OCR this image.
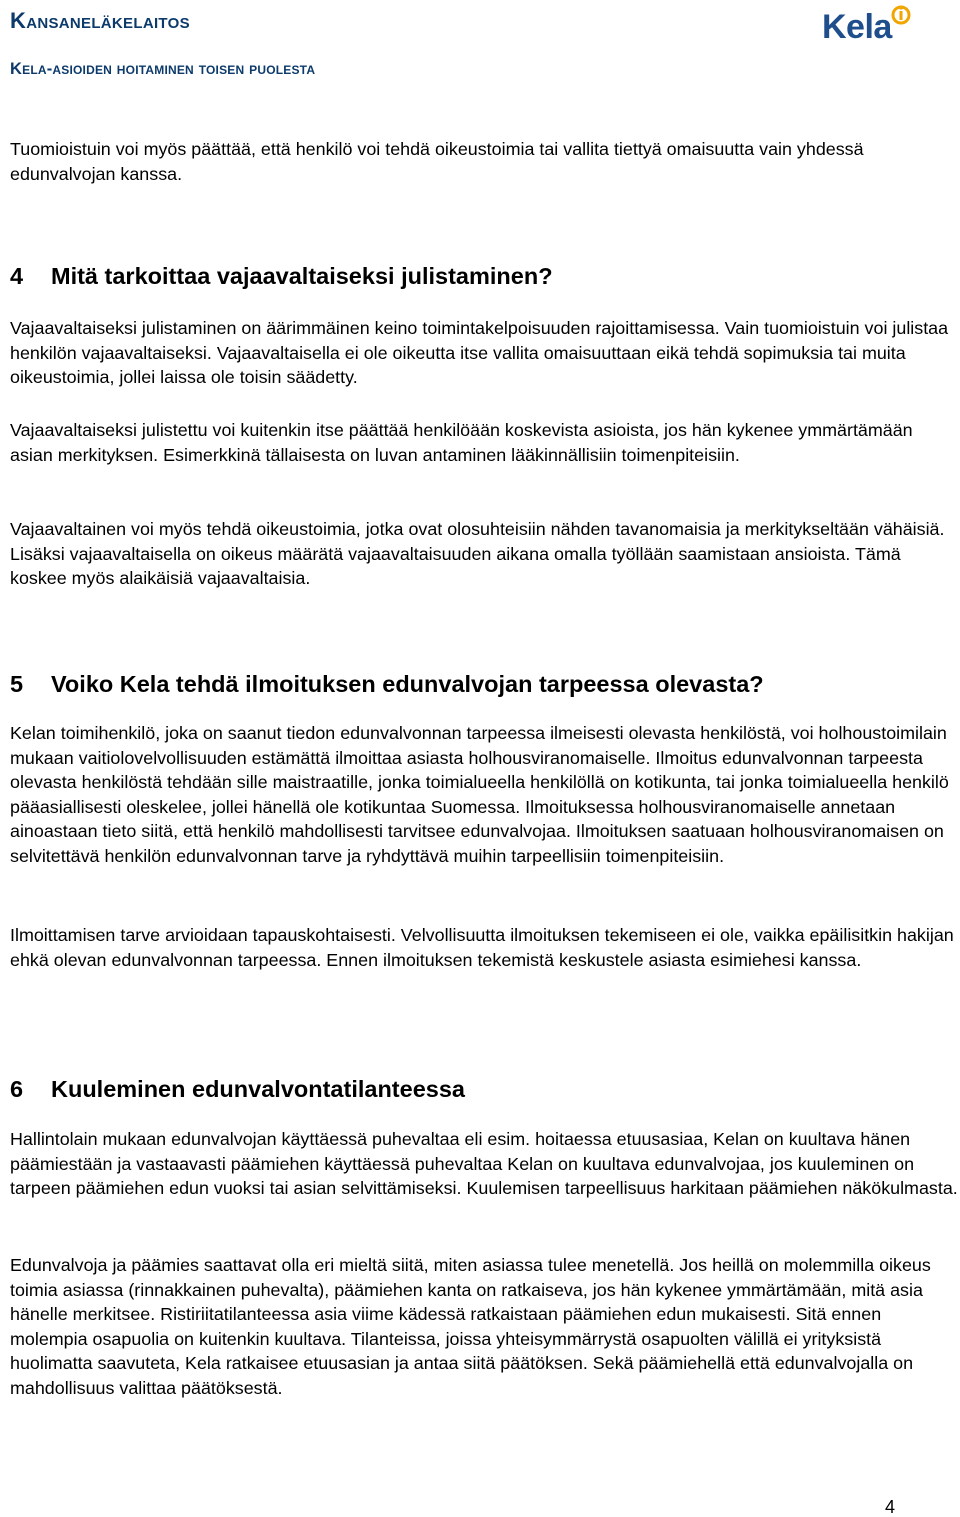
Kansaneläkelaitos
Kela-asioiden hoitaminen toisen puolesta
Kela

Tuomioistuin voi myös päättää, että henkilö voi tehdä oikeustoimia tai vallita tiettyä omaisuutta vain yhdessä edunvalvojan kanssa.

4 Mitä tarkoittaa vajaavaltaiseksi julistaminen?

Vajaavaltaiseksi julistaminen on äärimmäinen keino toimintakelpoisuuden rajoittamisessa. Vain tuomioistuin voi julistaa henkilön vajaavaltaiseksi. Vajaavaltaisella ei ole oikeutta itse vallita omaisuuttaan eikä tehdä sopimuksia tai muita oikeustoimia, jollei laissa ole toisin säädetty.

Vajaavaltaiseksi julistettu voi kuitenkin itse päättää henkilöään koskevista asioista, jos hän kykenee ymmärtämään asian merkityksen. Esimerkkinä tällaisesta on luvan antaminen lääkinnällisiin toimenpiteisiin.

Vajaavaltainen voi myös tehdä oikeustoimia, jotka ovat olosuhteisiin nähden tavanomaisia ja merkitykseltään vähäisiä. Lisäksi vajaavaltaisella on oikeus määrätä vajaavaltaisuuden aikana omalla työllään saamistaan ansioista. Tämä koskee myös alaikäisiä vajaavaltaisia.

5 Voiko Kela tehdä ilmoituksen edunvalvojan tarpeessa olevasta?

Kelan toimihenkilö, joka on saanut tiedon edunvalvonnan tarpeessa ilmeisesti olevasta henkilöstä, voi holhoustoimilain mukaan vaitiolovelvollisuuden estämättä ilmoittaa asiasta holhousviranomaiselle. Ilmoitus edunvalvonnan tarpeesta olevasta henkilöstä tehdään sille maistraatille, jonka toimialueella henkilöllä on kotikunta, tai jonka toimialueella henkilö pääasiallisesti oleskelee, jollei hänellä ole kotikuntaa Suomessa. Ilmoituksessa holhousviranomaiselle annetaan ainoastaan tieto siitä, että henkilö mahdollisesti tarvitsee edunvalvojaa. Ilmoituksen saatuaan holhousviranomaisen on selvitettävä henkilön edunvalvonnan tarve ja ryhdyttävä muihin tarpeellisiin toimenpiteisiin.

Ilmoittamisen tarve arvioidaan tapauskohtaisesti. Velvollisuutta ilmoituksen tekemiseen ei ole, vaikka epäilisitkin hakijan ehkä olevan edunvalvonnan tarpeessa. Ennen ilmoituksen tekemistä keskustele asiasta esimiehesi kanssa.

6 Kuuleminen edunvalvontatilanteessa

Hallintolain mukaan edunvalvojan käyttäessä puhevaltaa eli esim. hoitaessa etuusasiaa, Kelan on kuultava hänen päämiestään ja vastaavasti päämiehen käyttäessä puhevaltaa Kelan on kuultava edunvalvojaa, jos kuuleminen on tarpeen päämiehen edun vuoksi tai asian selvittämiseksi. Kuulemisen tarpeellisuus harkitaan päämiehen näkökulmasta.

Edunvalvoja ja päämies saattavat olla eri mieltä siitä, miten asiassa tulee menetellä. Jos heillä on molemmilla oikeus toimia asiassa (rinnakkainen puhevalta), päämiehen kanta on ratkaiseva, jos hän kykenee ymmärtämään, mitä asia hänelle merkitsee. Ristiriitatilanteessa asia viime kädessä ratkaistaan päämiehen edun mukaisesti. Sitä ennen molempia osapuolia on kuitenkin kuultava. Tilanteissa, joissa yhteisymmärrystä osapuolten välillä ei yrityksistä huolimatta saavuteta, Kela ratkaisee etuusasian ja antaa siitä päätöksen. Sekä päämiehellä että edunvalvojalla on mahdollisuus valittaa päätöksestä.

4
